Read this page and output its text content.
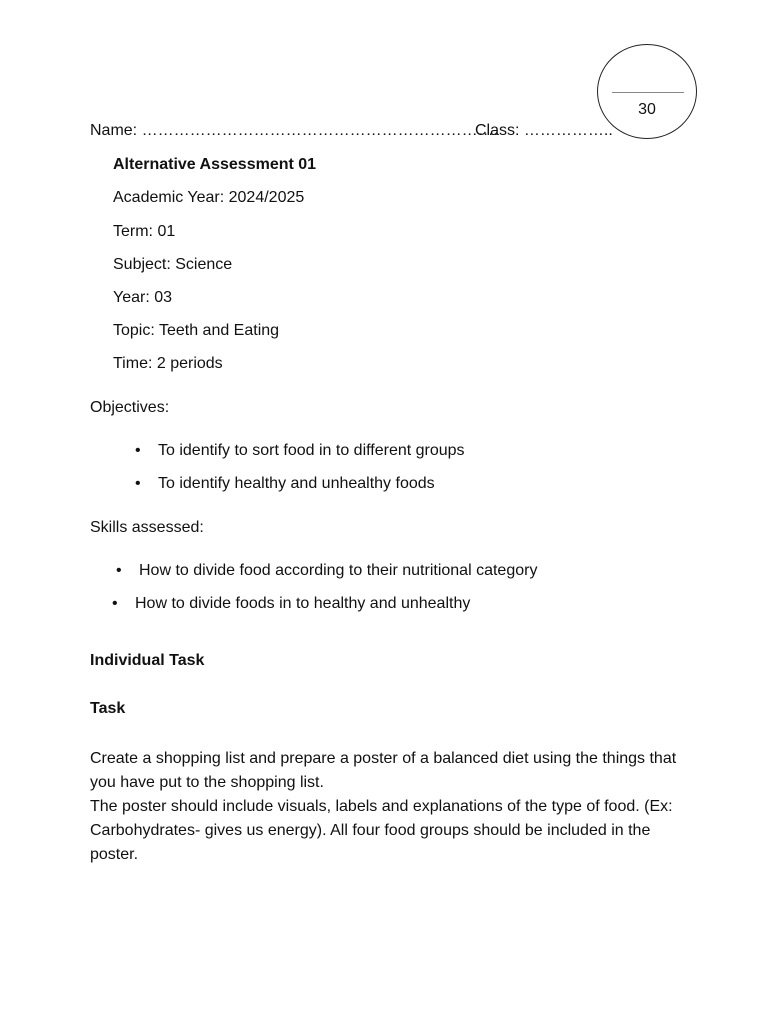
30
Name: ………………………………………………………….
Class: ……………..
Alternative Assessment 01
Academic Year: 2024/2025
Term: 01
Subject: Science
Year: 03
Topic: Teeth and Eating
Time: 2 periods
Objectives:
• To identify to sort food in to different groups
• To identify healthy and unhealthy foods
Skills assessed:
• How to divide food according to their nutritional category
• How to divide foods in to healthy and unhealthy
Individual Task
Task

Create a shopping list and prepare a poster of a balanced diet using the things that you have put to the shopping list.

The poster should include visuals, labels and explanations of the type of food. (Ex: Carbohydrates- gives us energy). All four food groups should be included in the poster.
